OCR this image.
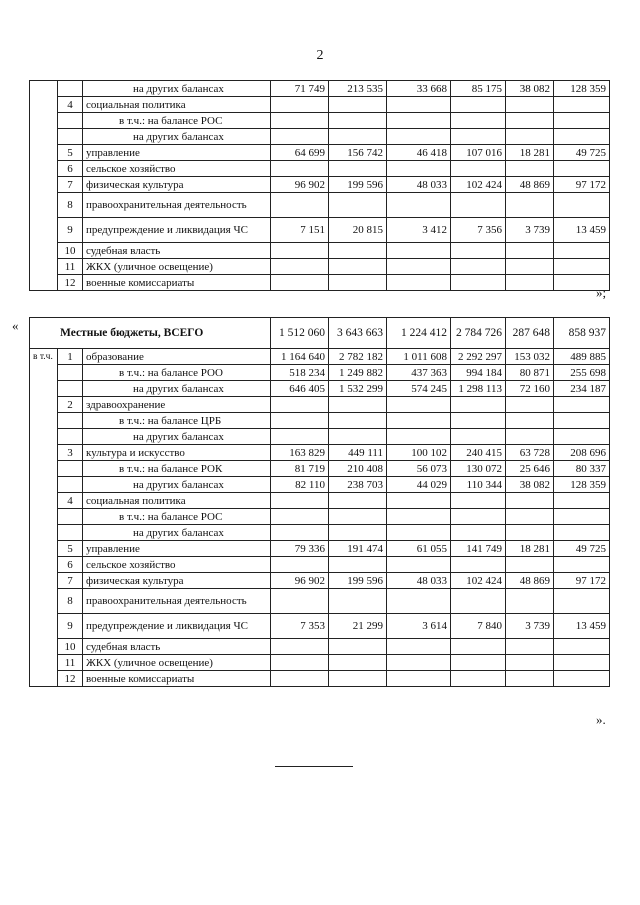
2
		на других балансах	71 749	213 535	33 668	85 175	38 082	128 359
	4	социальная политика						
		в т.ч.: на балансе РОС						
		на других балансах						
	5	управление	64 699	156 742	46 418	107 016	18 281	49 725
	6	сельское хозяйство						
	7	физическая культура	96 902	199 596	48 033	102 424	48 869	97 172
	8	правоохранительная деятельность						
	9	предупреждение и ликвидация ЧС	7 151	20 815	3 412	7 356	3 739	13 459
	10	судебная власть						
	11	ЖКХ (уличное освещение)						
	12	военные комиссариаты						
»;
«	Местные бюджеты, ВСЕГО			1 512 060	3 643 663	1 224 412	2 784 726	287 648	858 937
в т.ч.	1	образование	1 164 640	2 782 182	1 011 608	2 292 297	153 032	489 885
		в т.ч.: на балансе РОО	518 234	1 249 882	437 363	994 184	80 871	255 698
		на других балансах	646 405	1 532 299	574 245	1 298 113	72 160	234 187
	2	здравоохранение						
		в т.ч.: на балансе ЦРБ						
		на других балансах						
	3	культура и искусство	163 829	449 111	100 102	240 415	63 728	208 696
		в т.ч.: на балансе РОК	81 719	210 408	56 073	130 072	25 646	80 337
		на других балансах	82 110	238 703	44 029	110 344	38 082	128 359
	4	социальная политика						
		в т.ч.: на балансе РОС						
		на других балансах						
	5	управление	79 336	191 474	61 055	141 749	18 281	49 725
	6	сельское хозяйство						
	7	физическая культура	96 902	199 596	48 033	102 424	48 869	97 172
	8	правоохранительная деятельность						
	9	предупреждение и ликвидация ЧС	7 353	21 299	3 614	7 840	3 739	13 459
	10	судебная власть						
	11	ЖКХ (уличное освещение)						
	12	военные комиссариаты						
».
